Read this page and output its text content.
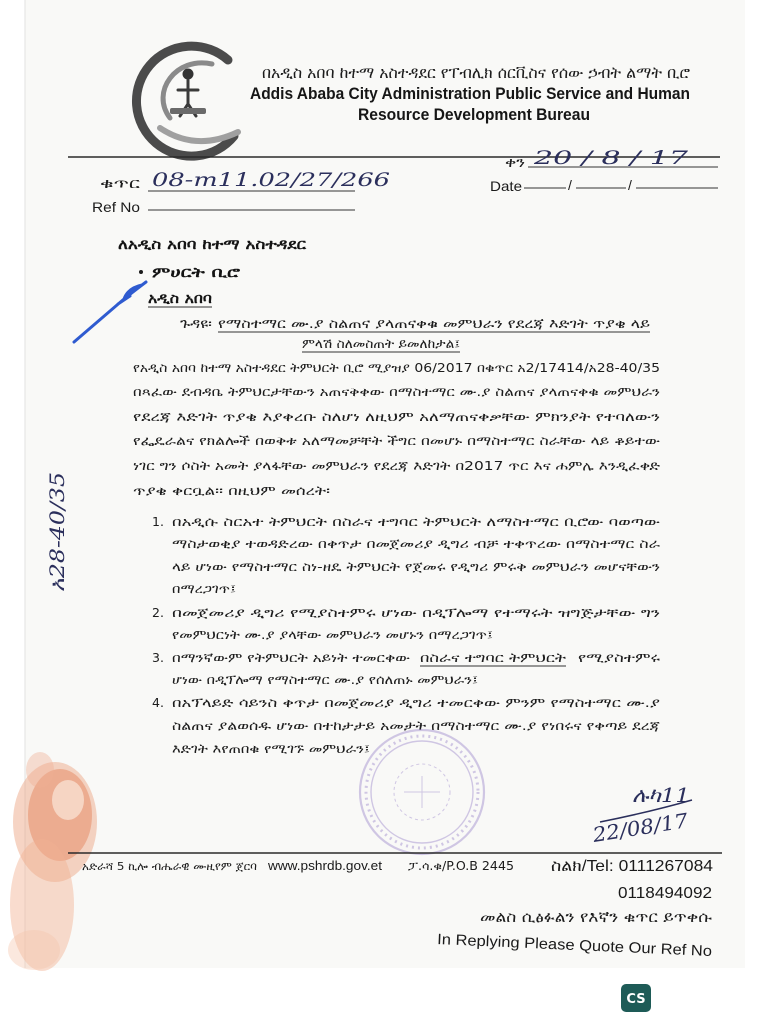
በአዲስ አበባ ከተማ አስተዳደር የፐብሊክ ሰርቪስና የሰው ኃብት ልማት ቢሮ
Addis Ababa City Administration Public Service and Human
Resource Development Bureau
ቁጥር 08-m11.02/27/266
Ref No
ቀን 20 / 8 / 17
Date	/	/
ለአዲስ አበባ ከተማ አስተዳደር
ምሀርት ቢሮ
አዲስ አበባ
ጉዳዩ፡ የማስተማር ሙ.ያ ስልጠና ያላጠናቀቁ መምህራን የደረጃ እድገት ጥያቄ ላይ
ምላሽ ስለመስጠት ይመለከታል፤
የአዲስ አበባ ከተማ አስተዳደር ትምህርት ቢሮ ሚያዝያ 06/2017 በቁጥር አ2/17414/አ28-40/35
በጻፈው ደብዳቤ ትምህርታቸውን አጠናቅቀው በማስተማር ሙ.ያ ስልጠና ያላጠናቀቁ መምህራን
የደረጃ እድገት ጥያቄ እያቀረቡ ስለሆነ ለዚህም አለማጠናቀቃቸው ምክንያት የተባለውን
የፌዴራልና የክልሎች በወቅቱ አለማመቻቸት ችግር በመሆኑ በማስተማር ስራቸው ላይ ቆይተው
ነገር ግን ሶስት አመት ያላፋቸው መምህራን የደረጃ እድገት በ2017 ጥር እና ሐምሌ እንዲፈቀድ
ጥያቄ ቀርቧል፡፡ በዚህም መሰረት፡
1. በአዲሱ ስርአተ ትምህርት በስራና ተግባር ትምህርት ለማስተማር ቢሮው ባወጣው
ማስታወቂያ ተወዳድረው በቀጥታ በመጀመሪያ ዲግሪ ብቻ ተቀጥረው በማስተማር ስራ
ላይ ሆነው የማስተማር ስነ-ዘዴ ትምህርት የጀመሩ የዲግሪ ምሩቅ መምህራን መሆናቸውን
በማረጋገጥ፤
2. በመጀመሪያ ዲግሪ የሚያስተምሩ ሆነው በዲፕሎማ የተማሩት ዝግጅታቸው ግን
የመምህርነት ሙ.ያ ያላቸው መምህራን መሆኑን በማረጋገጥ፤
3. በማንኛውም የትምህርት አይነት ተመርቀው በስራና ተግባር ትምህርት የሚያስተምሩ
ሆነው በዲፕሎማ የማስተማር ሙ.ያ የሰለጠኑ መምህራን፤
4. በአፕላይድ ሳይንስ ቀጥታ በመጀመሪያ ዲግሪ ተመርቀው ምንም የማስተማር ሙ.ያ
ስልጠና ያልወሰዱ ሆነው በተከታታይ አመታት በማስተማር ሙ.ያ የነበሩና የቀጣይ ደረጃ
እድገት እየጠበቁ የሚገኙ መምህራን፤
አ28-40/35
ሉካ11
22/08/17
አድራሻ 5 ኪሎ ብሔራዊ ሙዚየም ጀርባ www.pshrdb.gov.et ፓ.ሳ.ቁ/P.O.B 2445 ስልክ/Tel: 0111267084
0118494092
መልስ ሲፅፉልን የእኛን ቁጥር ይጥቀሱ
In Replying Please Quote Our Ref No
CS
